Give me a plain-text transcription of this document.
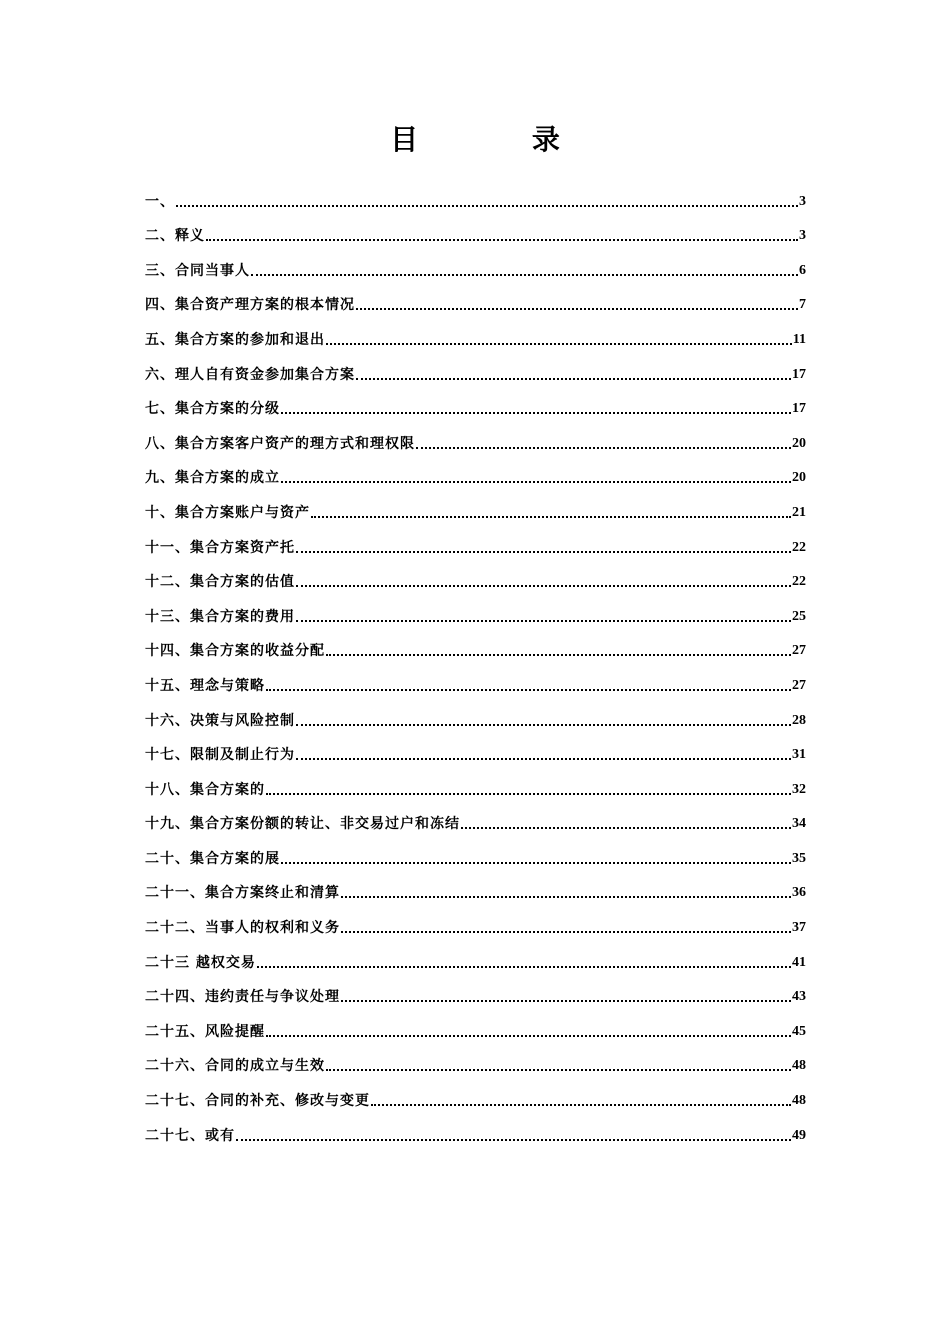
目 录
一、	3
二、释义	3
三、合同当事人	6
四、集合资产理方案的根本情况	7
五、集合方案的参加和退出	11
六、理人自有资金参加集合方案	17
七、集合方案的分级	17
八、集合方案客户资产的理方式和理权限	20
九、集合方案的成立	20
十、集合方案账户与资产	21
十一、集合方案资产托	22
十二、集合方案的估值	22
十三、集合方案的费用	25
十四、集合方案的收益分配	27
十五、理念与策略	27
十六、决策与风险控制	28
十七、限制及制止行为	31
十八、集合方案的	32
十九、集合方案份额的转让、非交易过户和冻结	34
二十、集合方案的展	35
二十一、集合方案终止和清算	36
二十二、当事人的权利和义务	37
二十三 越权交易	41
二十四、违约责任与争议处理	43
二十五、风险提醒	45
二十六、合同的成立与生效	48
二十七、合同的补充、修改与变更	48
二十七、或有	49
